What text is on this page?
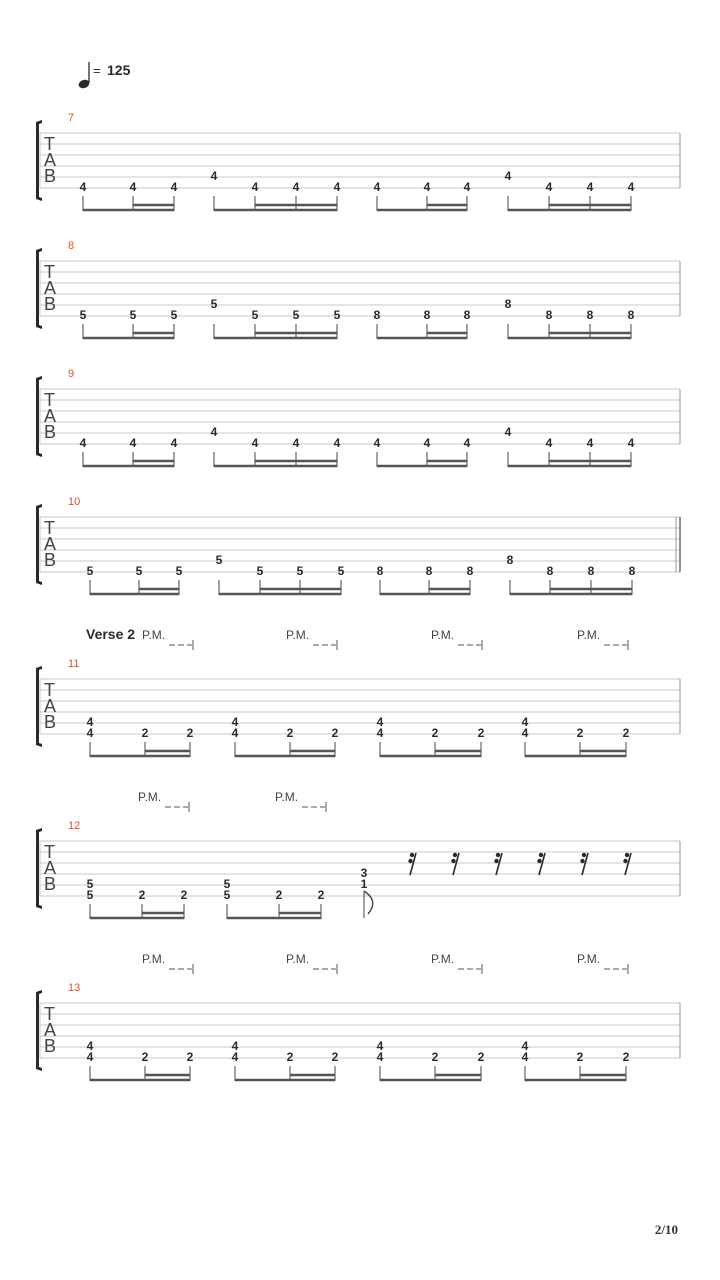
= 125
T
A
B
7
4	4	4
4
4	4	4	4	4	4
4
4	4	4
T
A
B
8
5	5	5
5
5	5	5	8	8	8
8
8	8	8
T
A
B
9
4	4	4
4
4	4	4	4	4	4
4
4	4	4
T
A
B
10
5	5	5
5
5	5	5	8	8	8
8
8	8	8
T
A
B
11
Verse 2 P.M.	P.M.	P.M.	P.M.
4
4	2	2
4
4	2	2
4
4	2	2
4
4	2	2
T
A
B
12
P.M.	P.M.
5
5	2	2
5
5	2	2
3
1
T
A
B
13
P.M.	P.M.	P.M.	P.M.
4
4	2	2
4
4	2	2
4
4	2	2
4
4	2	2
2/10
